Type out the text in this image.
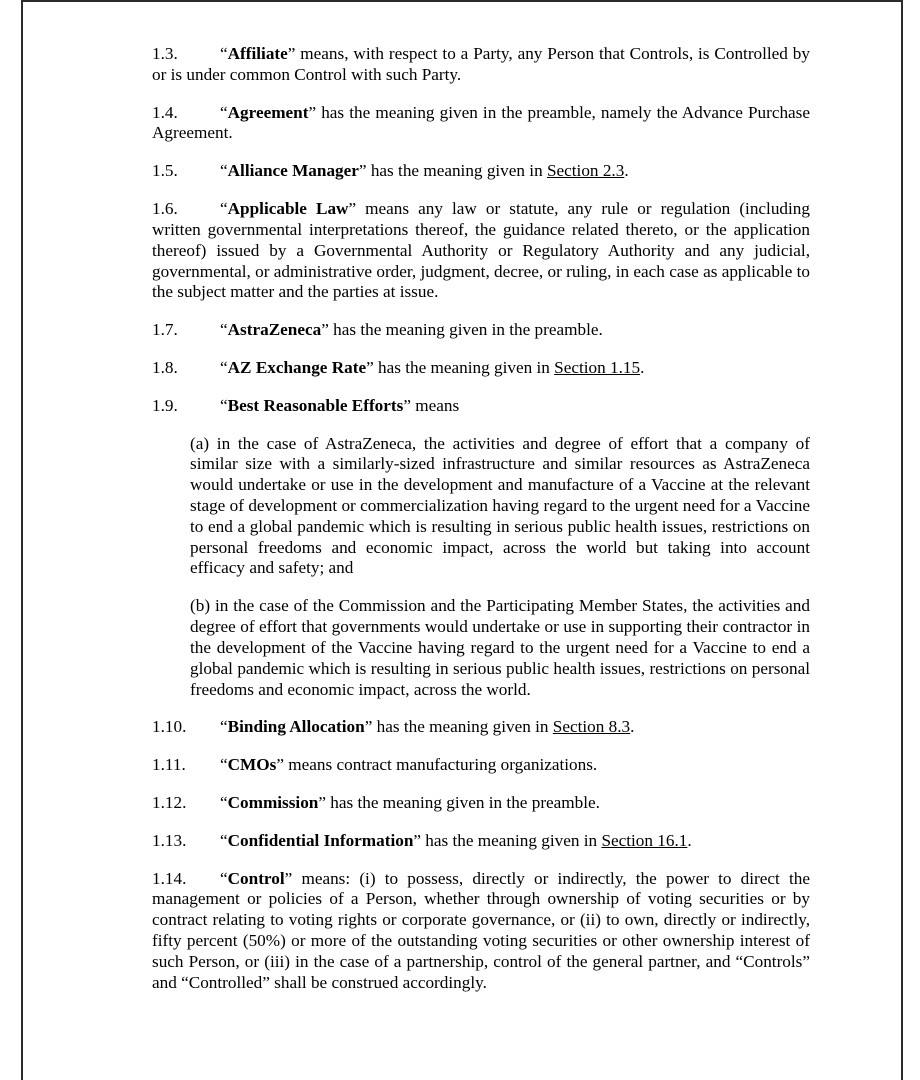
1.3.	“Affiliate” means, with respect to a Party, any Person that Controls, is Controlled by or is under common Control with such Party.
1.4.	“Agreement” has the meaning given in the preamble, namely the Advance Purchase Agreement.
1.5.	“Alliance Manager” has the meaning given in Section 2.3.
1.6.	“Applicable Law” means any law or statute, any rule or regulation (including written governmental interpretations thereof, the guidance related thereto, or the application thereof) issued by a Governmental Authority or Regulatory Authority and any judicial, governmental, or administrative order, judgment, decree, or ruling, in each case as applicable to the subject matter and the parties at issue.
1.7.	“AstraZeneca” has the meaning given in the preamble.
1.8.	“AZ Exchange Rate” has the meaning given in Section 1.15.
1.9.	“Best Reasonable Efforts” means
(a) in the case of AstraZeneca, the activities and degree of effort that a company of similar size with a similarly-sized infrastructure and similar resources as AstraZeneca would undertake or use in the development and manufacture of a Vaccine at the relevant stage of development or commercialization having regard to the urgent need for a Vaccine to end a global pandemic which is resulting in serious public health issues, restrictions on personal freedoms and economic impact, across the world but taking into account efficacy and safety; and
(b) in the case of the Commission and the Participating Member States, the activities and degree of effort that governments would undertake or use in supporting their contractor in the development of the Vaccine having regard to the urgent need for a Vaccine to end a global pandemic which is resulting in serious public health issues, restrictions on personal freedoms and economic impact, across the world.
1.10.	“Binding Allocation” has the meaning given in Section 8.3.
1.11.	“CMOs” means contract manufacturing organizations.
1.12.	“Commission” has the meaning given in the preamble.
1.13.	“Confidential Information” has the meaning given in Section 16.1.
1.14.	“Control” means: (i) to possess, directly or indirectly, the power to direct the management or policies of a Person, whether through ownership of voting securities or by contract relating to voting rights or corporate governance, or (ii) to own, directly or indirectly, fifty percent (50%) or more of the outstanding voting securities or other ownership interest of such Person, or (iii) in the case of a partnership, control of the general partner, and “Controls” and “Controlled” shall be construed accordingly.
